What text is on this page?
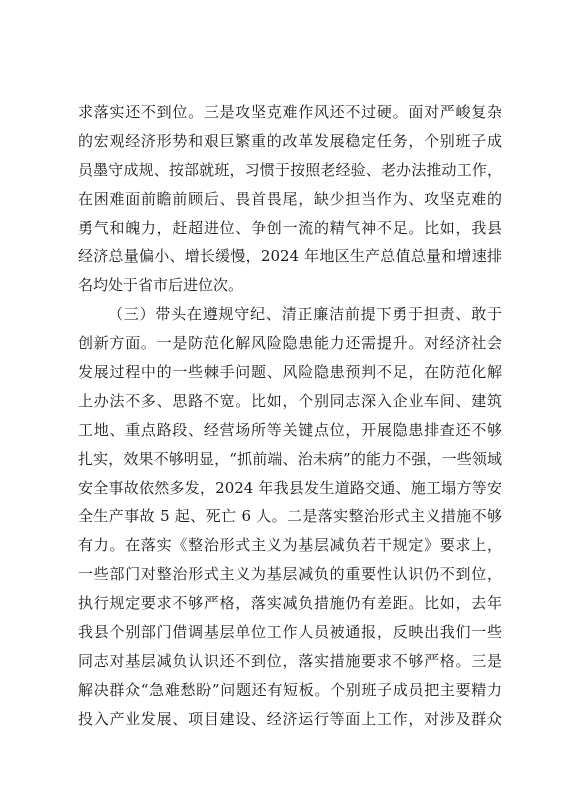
求落实还不到位。三是攻坚克难作风还不过硬。面对严峻复杂
的宏观经济形势和艰巨繁重的改革发展稳定任务，个别班子成
员墨守成规、按部就班，习惯于按照老经验、老办法推动工作，
在困难面前瞻前顾后、畏首畏尾，缺少担当作为、攻坚克难的
勇气和魄力，赶超进位、争创一流的精气神不足。比如，我县
经济总量偏小、增长缓慢，2024 年地区生产总值总量和增速排
名均处于省市后进位次。
（三）带头在遵规守纪、清正廉洁前提下勇于担责、敢于
创新方面。一是防范化解风险隐患能力还需提升。对经济社会
发展过程中的一些棘手问题、风险隐患预判不足，在防范化解
上办法不多、思路不宽。比如，个别同志深入企业车间、建筑
工地、重点路段、经营场所等关键点位，开展隐患排查还不够
扎实，效果不够明显，“抓前端、治未病”的能力不强，一些领域
安全事故依然多发，2024 年我县发生道路交通、施工塌方等安
全生产事故 5 起、死亡 6 人。二是落实整治形式主义措施不够
有力。在落实《整治形式主义为基层减负若干规定》要求上，
一些部门对整治形式主义为基层减负的重要性认识仍不到位，
执行规定要求不够严格，落实减负措施仍有差距。比如，去年
我县个别部门借调基层单位工作人员被通报，反映出我们一些
同志对基层减负认识还不到位，落实措施要求不够严格。三是
解决群众“急难愁盼”问题还有短板。个别班子成员把主要精力
投入产业发展、项目建设、经济运行等面上工作，对涉及群众
